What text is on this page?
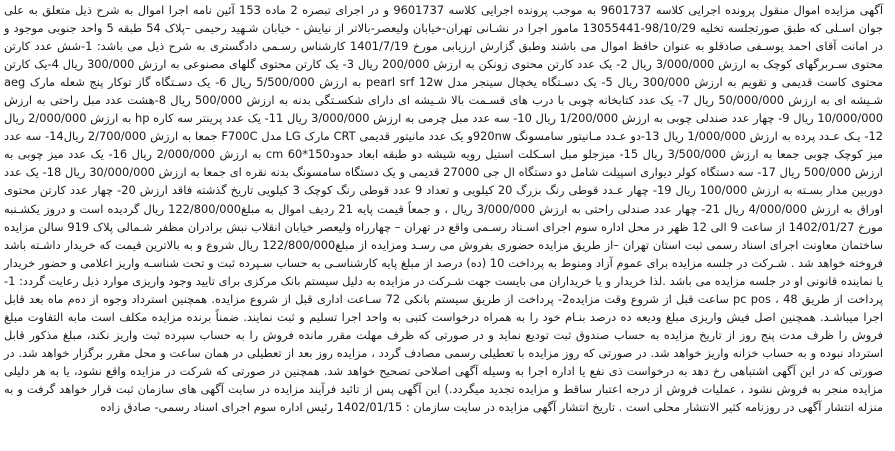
آگهی مزایده اموال منقول پرونده اجرایی کلاسه 9601737 به موجب پرونده اجرایی کلاسه 9601737 و در اجرای تبصره 2 ماده 153 آئین نامه اجرا اموال به شرح ذیل متعلق به علی جوان اسـلی که طبق صورتجلسه تخلیه 98/10/29-13055441 مامور اجرا در نشـانی تهران-خیابان ولیعصر-بالاتر از نیایش - خیابان شـهید رحیمی –پلاک 54 طبقه 5 واحد جنوبی موجود و در امانت آقای احمد یوسـفی صادقلو به عنوان حافظ اموال می باشند وطبق گزارش ارزیابی مورخ 1401/7/19 کارشناس رسـمی دادگستری به شرح ذیل می باشد: 1-شش عدد کارتن محتوی سـربرگهای کوچک به ارزش 3/000/000 ریال 2- یک عدد کارتن محتوی زونکن به ارزش 200/000 ریال 3- یک کارتن محتوی گلهای مصنوعی به ارزش 300/000 ریال 4-یک کارتن محتوی کاست قدیمی و تقویم به ارزش 300/000 ریال 5- یک دسـتگاه یخچال سینجر مدل pearl srf 12w به ارزش 5/500/000 ریال 6- یک دسـتگاه گاز توکار پنج شعله مارک aeg شـیشه ای به ارزش 50/000/000 ریال 7- یک عدد کتابخانه چوبی با درب های قسـمت بالا شـیشه ای دارای شکسـتگی بدنه به ارزش 500/000 ریال 8-هشت عدد مبل راحتی به ارزش 10/000/000 ریال 9- چهار عدد صندلی چوبی به ارزش 1/200/000 ریال 10- سه عدد مبل چرمی به ارزش 3/000/000 ریال 11- یک عدد پرینتر سه کاره hp به ارزش 2/000/000 ریال 12- یـک عـدد پرده به ارزش 1/000/000 ریال 13-دو عـدد مـانیتور سامسونگ 920nwو یک عدد مانیتور قدیمی CRT مارک LG مدل F700C جمعا به ارزش 2/700/000 ریال14- سه عدد میز کوچک چوبی جمعا به ارزش 3/500/000 ریال 15- میزجلو مبل اسـکلت استیل رویه شیشه دو طبقه ابعاد حدود150*60 cm به ارزش 2/000/000 ریال 16- یک عدد میز چوبی به ارزش 500/000 ریال 17- سه دستگاه کولر دیواری اسپیلت شامل دو دستگاه ال جی 27000 قدیمی و یک دستگاه سامسونگ بدنه نقره ای جمعا به ارزش 30/000/000 ریال 18- یک عدد دوربین مدار بسـته به ارزش 100/000 ریال 19- چهار عـدد قوطی رنگ بزرگ 20 کیلویی و تعداد 9 عدد قوطی رنگ کوچک 3 کیلویی تاریخ گذشته فاقد ارزش 20- چهار عدد کارتن محتوی اوراق به ارزش 4/000/000 ریال 21- چهار عدد صندلی راحتی به ارزش 3/000/000 ریال ، و جمعاً قیمت پایه 21 ردیف اموال به مبلغ122/800/000 ریال گردیده است و دروز یکشـنبه مورخ 1402/01/27 از ساعت 9 الی 12 ظهر در محل اداره سوم اجرای اسـناد رسـمی واقع در تهران – چهارراه ولیعصر خیابان انقلاب نبش برادران مظفر شـمالی پلاک 919 سالن مزایده ساختمان معاونت اجرای اسناد رسمی ثبت استان تهران –از طریق مزایده حضوری بفروش می رسـد ومزایده از مبلغ122/800/000 ریال شروع و به بالاترین قیمت که خریدار داشـته باشد فروخته خواهد شد . شـرکت در جلسه مزایده برای عموم آزاد ومنوط به پرداخت 10 (ده) درصد از مبلغ پایه کارشناسـی به حساب سـپرده ثبت و تحت شناسـه واریز اعلامی و حضور خریدار یا نماینده قانونی او در جلسه مزایده می باشد .لذا خریدار و یا خریداران می بایست جهت شـرکت در مزایده به دلیل سیستم بانک مرکزی برای تایید وجود واریزی موارد ذیل رعایت گردد: 1- پرداخت از طریق pc pos ، 48 ساعت قبل از شروع وقت مزایده2- پرداخت از طریق سیستم بانکی 72 سـاعت اداری قبل از شروع مزایده. همچنین استرداد وجوه از ده‌م ماه بعد قابل اجرا میباشـد. همچنین اصل فیش واریزی مبلغ ودیعه ده درصد بنـام خود را به همراه درخواست کتبی به واحد اجرا تسلیم و ثبت نمایند. ضمناً برنده مزایده مکلف است مابه التفاوت مبلغ فروش را ظرف مدت پنج روز از تاریخ مزایده به حساب صندوق ثبت تودیع نماید و در صورتی که ظرف مهلت مقرر مانده فروش را به حساب سپرده ثبت واریز نکند، مبلغ مذکور قابل استرداد نبوده و به حساب خزانه واریز خواهد شد. در صورتی که روز مزایده با تعطیلی رسمی مصادف گردد ، مزایده روز بعد از تعطیلی در همان ساعت و محل مقرر برگزار خواهد شد. در صورتی که در این آگهی اشتباهی رخ دهد به درخواست ذی نفع یا اداره اجرا به وسیله آگهی اصلاحی تصحیح خواهد شد. همچنین در صورتی که شرکت در مزایده واقع نشود، یا به هر دلیلی مزایده منجر به فروش نشود ، عملیات فروش از درجه اعتبار ساقط و مزایده تجدید میگردد.) این آگهی پس از تائید فرآیند مزایده در سایت آگهی های سازمان ثبت قرار خواهد گرفت و به منزله انتشار آگهی در روزنامه کثیر الانتشار محلی است . تاریخ انتشار آگهی مزایده در سایت سازمان : 1402/01/15 رئیس اداره سوم اجرای اسناد رسمی- صادق زاده
